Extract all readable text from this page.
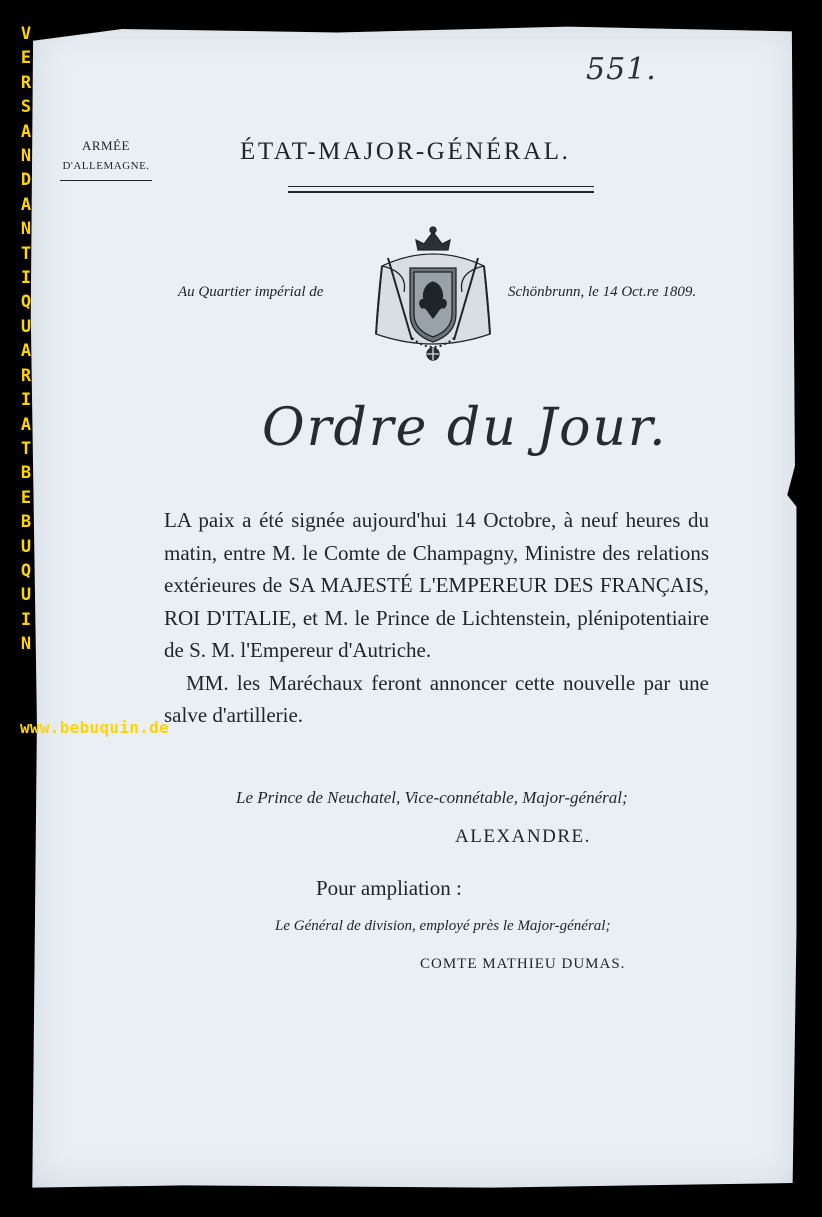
VERSAND ANTIQUARIAT BEBUQUIN
www.bebuquin.de
551.
ARMÉE
D'ALLEMAGNE.
ÉTAT-MAJOR-GÉNÉRAL.
Au Quartier impérial de	Schönbrunn, le 14 Oct.re 1809.
Ordre du Jour.

LA paix a été signée aujourd'hui 14 Octobre, à neuf heures du matin, entre M. le Comte de Champagny, Ministre des relations extérieures de SA MAJESTÉ L'EMPEREUR DES FRANÇAIS, ROI D'ITALIE, et M. le Prince de Lichtenstein, plénipotentiaire de S. M. l'Empereur d'Autriche.

MM. les Maréchaux feront annoncer cette nouvelle par une salve d'artillerie.

Le Prince de Neuchatel, Vice-connétable, Major-général;
ALEXANDRE.
Pour ampliation :
Le Général de division, employé près le Major-général;
COMTE MATHIEU DUMAS.
